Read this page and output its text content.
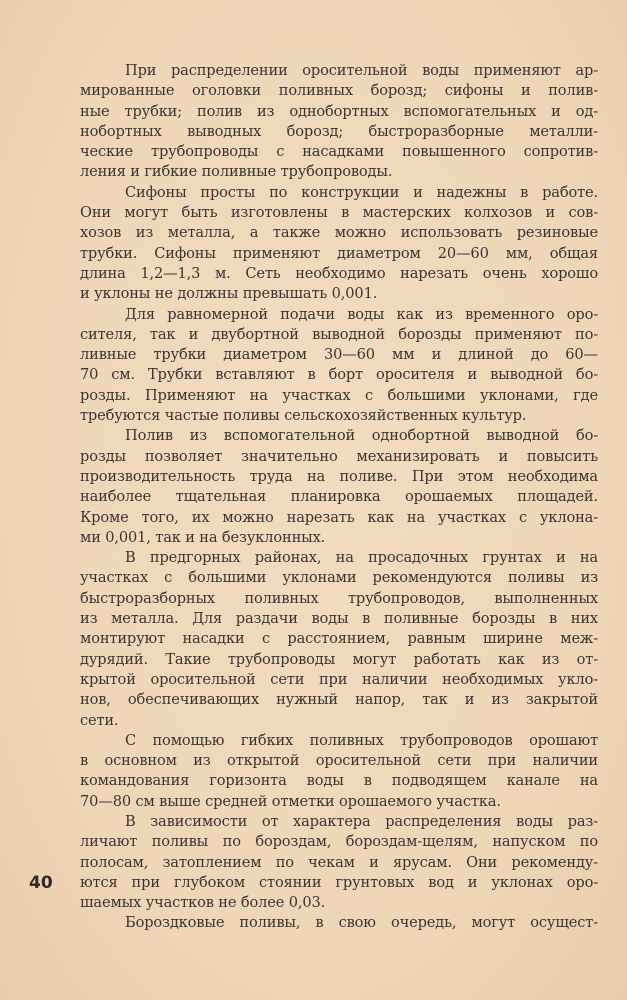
При распределении оросительной воды применяют ар-
мированные оголовки поливных борозд; сифоны и полив-
ные трубки; полив из однобортных вспомогательных и од-
нобортных выводных борозд; быстроразборные металли-
ческие трубопроводы с насадками повышенного сопротив-
ления и гибкие поливные трубопроводы.
Сифоны просты по конструкции и надежны в работе.
Они могут быть изготовлены в мастерских колхозов и сов-
хозов из металла, а также можно использовать резиновые
трубки. Сифоны применяют диаметром 20—60 мм, общая
длина 1,2—1,3 м. Сеть необходимо нарезать очень хорошо
и уклоны не должны превышать 0,001.
Для равномерной подачи воды как из временного оро-
сителя, так и двубортной выводной борозды применяют по-
ливные трубки диаметром 30—60 мм и длиной до 60—
70 см. Трубки вставляют в борт оросителя и выводной бо-
розды. Применяют на участках с большими уклонами, где
требуются частые поливы сельскохозяйственных культур.
Полив из вспомогательной однобортной выводной бо-
розды позволяет значительно механизировать и повысить
производительность труда на поливе. При этом необходима
наиболее тщательная планировка орошаемых площадей.
Кроме того, их можно нарезать как на участках с уклона-
ми 0,001, так и на безуклонных.
В предгорных районах, на просадочных грунтах и на
участках с большими уклонами рекомендуются поливы из
быстроразборных поливных трубопроводов, выполненных
из металла. Для раздачи воды в поливные борозды в них
монтируют насадки с расстоянием, равным ширине меж-
дурядий. Такие трубопроводы могут работать как из от-
крытой оросительной сети при наличии необходимых укло-
нов, обеспечивающих нужный напор, так и из закрытой
сети.
С помощью гибких поливных трубопроводов орошают
в основном из открытой оросительной сети при наличии
командования горизонта воды в подводящем канале на
70—80 см выше средней отметки орошаемого участка.
В зависимости от характера распределения воды раз-
личают поливы по бороздам, бороздам-щелям, напуском по
полосам, затоплением по чекам и ярусам. Они рекоменду-
ются при глубоком стоянии грунтовых вод и уклонах оро-
шаемых участков не более 0,03.
Бороздковые поливы, в свою очередь, могут осущест-
40
